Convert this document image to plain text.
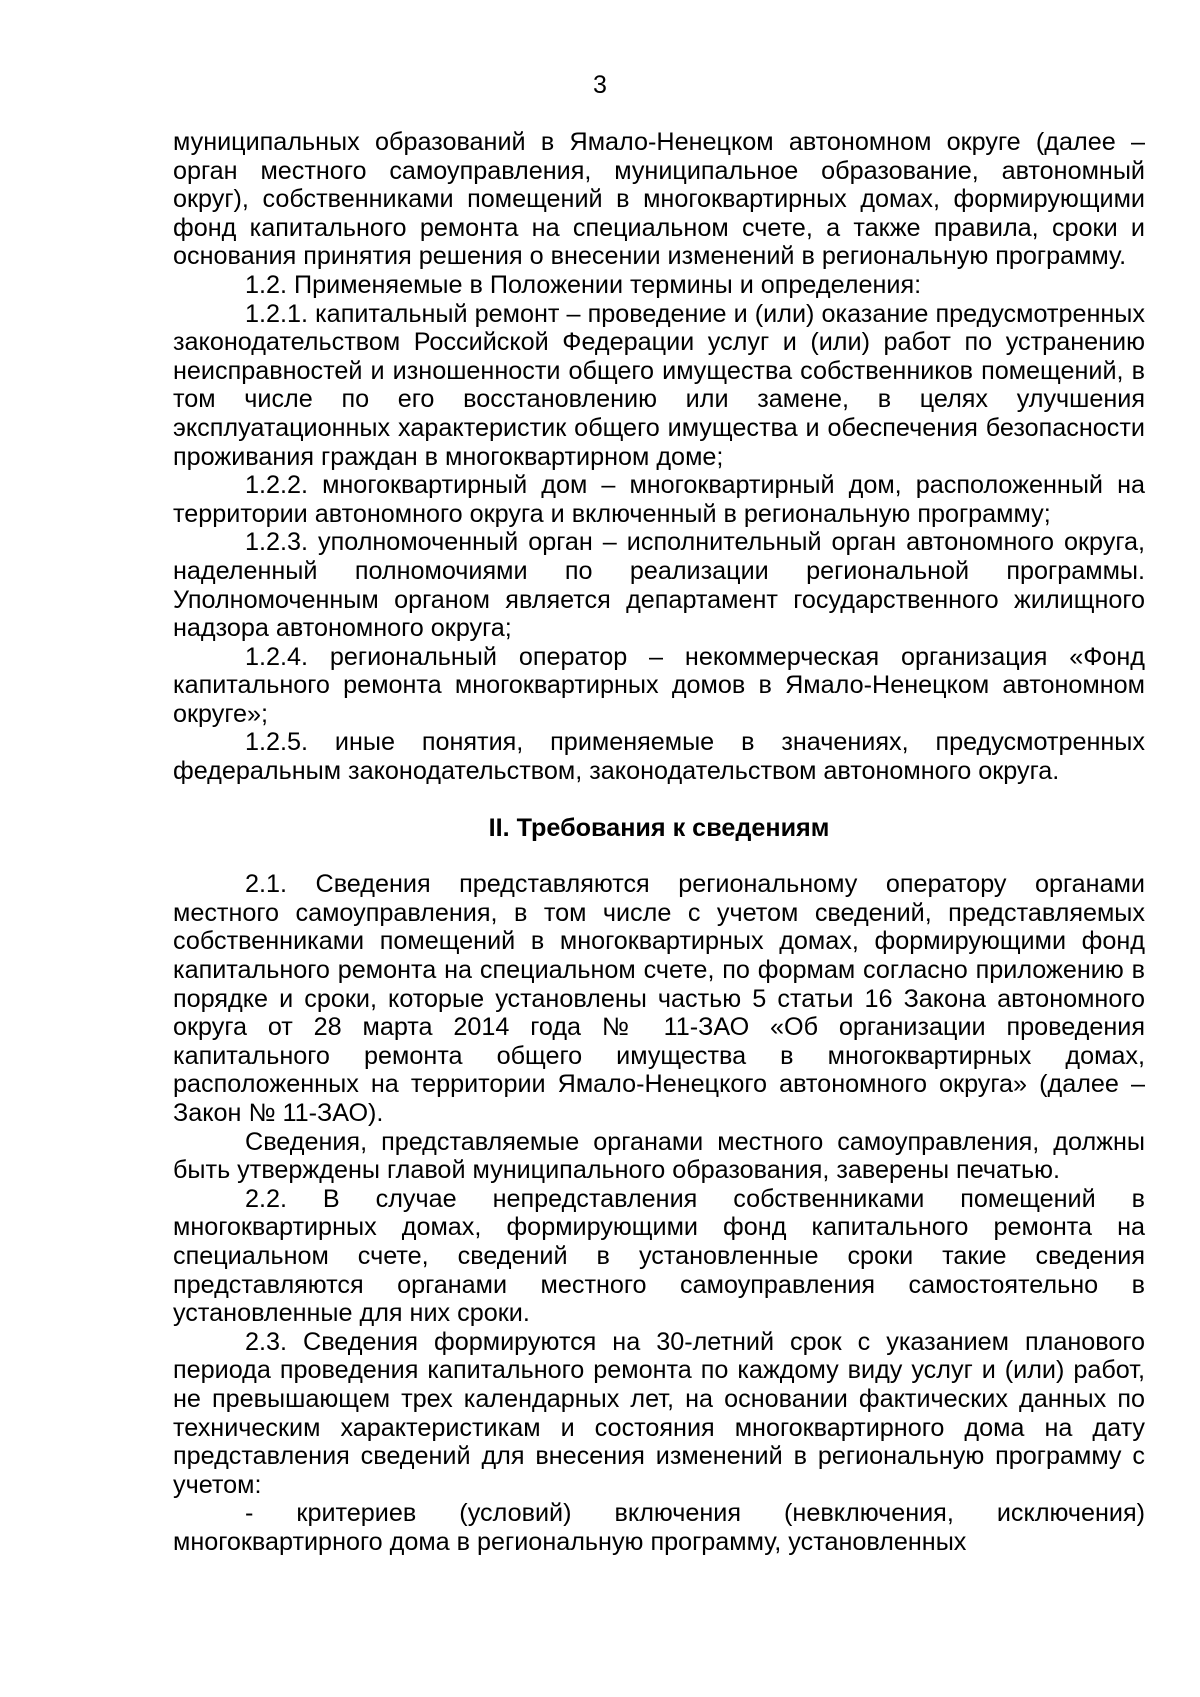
3

муниципальных образований в Ямало-Ненецком автономном округе (далее – орган местного самоуправления, муниципальное образование, автономный округ), собственниками помещений в многоквартирных домах, формирующими фонд капитального ремонта на специальном счете, а также правила, сроки и основания принятия решения о внесении изменений в региональную программу.

1.2. Применяемые в Положении термины и определения:

1.2.1. капитальный ремонт – проведение и (или) оказание предусмотренных законодательством Российской Федерации услуг и (или) работ по устранению неисправностей и изношенности общего имущества собственников помещений, в том числе по его восстановлению или замене, в целях улучшения эксплуатационных характеристик общего имущества и обеспечения безопасности проживания граждан в многоквартирном доме;

1.2.2. многоквартирный дом – многоквартирный дом, расположенный на территории автономного округа и включенный в региональную программу;

1.2.3. уполномоченный орган – исполнительный орган автономного округа, наделенный полномочиями по реализации региональной программы. Уполномоченным органом является департамент государственного жилищного надзора автономного округа;

1.2.4. региональный оператор – некоммерческая организация «Фонд капитального ремонта многоквартирных домов в Ямало-Ненецком автономном округе»;

1.2.5. иные понятия, применяемые в значениях, предусмотренных федеральным законодательством, законодательством автономного округа.

II. Требования к сведениям

2.1. Сведения представляются региональному оператору органами местного самоуправления, в том числе с учетом сведений, представляемых собственниками помещений в многоквартирных домах, формирующими фонд капитального ремонта на специальном счете, по формам согласно приложению в порядке и сроки, которые установлены частью 5 статьи 16 Закона автономного округа от 28 марта 2014 года № 11-ЗАО «Об организации проведения капитального ремонта общего имущества в многоквартирных домах, расположенных на территории Ямало-Ненецкого автономного округа» (далее – Закон № 11-ЗАО).

Сведения, представляемые органами местного самоуправления, должны быть утверждены главой муниципального образования, заверены печатью.

2.2. В случае непредставления собственниками помещений в многоквартирных домах, формирующими фонд капитального ремонта на специальном счете, сведений в установленные сроки такие сведения представляются органами местного самоуправления самостоятельно в установленные для них сроки.

2.3. Сведения формируются на 30-летний срок с указанием планового периода проведения капитального ремонта по каждому виду услуг и (или) работ, не превышающем трех календарных лет, на основании фактических данных по техническим характеристикам и состояния многоквартирного дома на дату представления сведений для внесения изменений в региональную программу с учетом:

- критериев (условий) включения (невключения, исключения) многоквартирного дома в региональную программу, установленных
